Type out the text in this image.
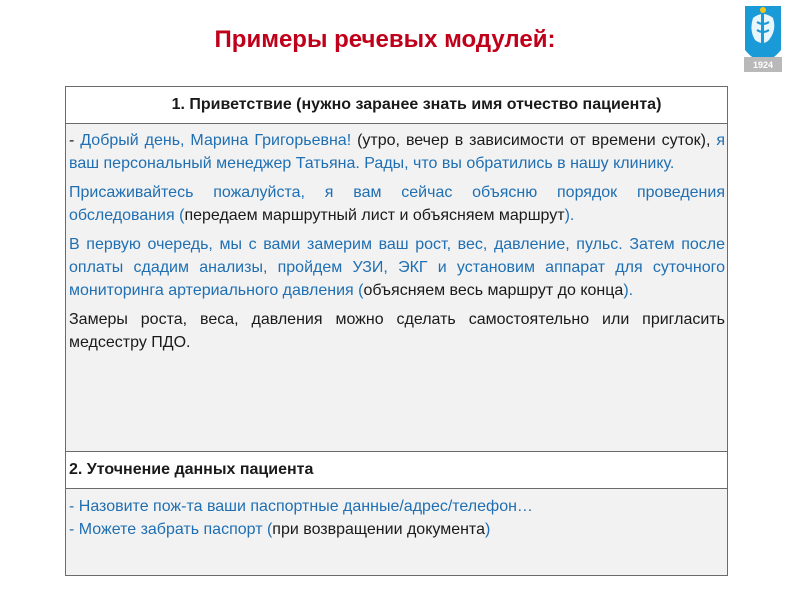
Примеры речевых модулей:
1924
1. Приветствие (нужно заранее знать имя отчество пациента)

- Добрый день, Марина Григорьевна! (утро, вечер в зависимости от времени суток), я ваш персональный менеджер Татьяна. Рады, что вы обратились в нашу клинику.

Присаживайтесь пожалуйста, я вам сейчас объясню порядок проведения обследования (передаем маршрутный лист и объясняем маршрут).

В первую очередь, мы с вами замерим ваш рост, вес, давление, пульс. Затем после оплаты сдадим анализы, пройдем УЗИ, ЭКГ и установим аппарат для суточного мониторинга артериального давления (объясняем весь маршрут до конца).

Замеры роста, веса, давления можно сделать самостоятельно или пригласить медсестру ПДО.

2. Уточнение данных пациента

- Назовите пож-та ваши паспортные данные/адрес/телефон…

- Можете забрать паспорт (при возвращении документа)
